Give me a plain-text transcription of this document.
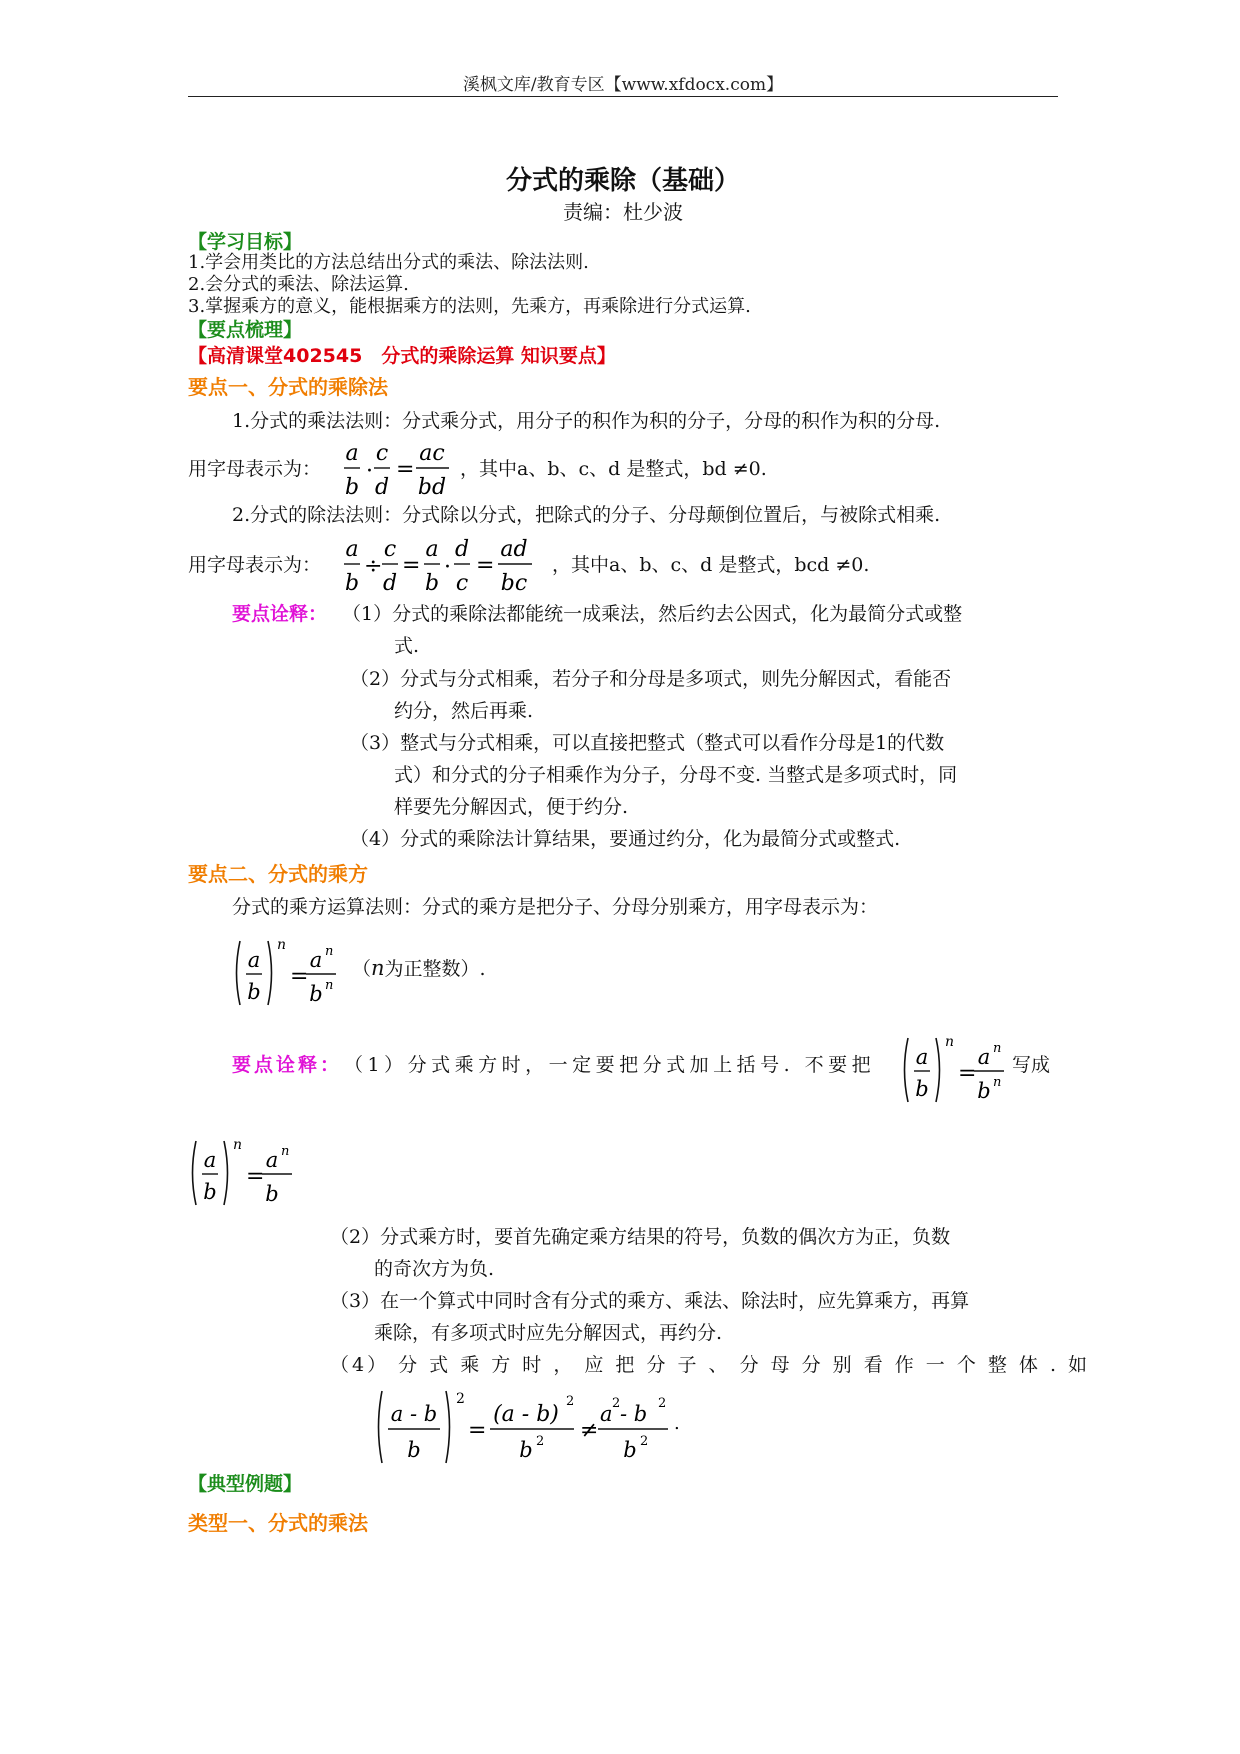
溪枫文库/教育专区【www.xfdocx.com】
分式的乘除（基础）
责编：杜少波
【学习目标】
1.学会用类比的方法总结出分式的乘法、除法法则.
2.会分式的乘法、除法运算.
3.掌握乘方的意义，能根据乘方的法则，先乘方，再乘除进行分式运算.
【要点梳理】
【高清课堂402545　分式的乘除运算 知识要点】
要点一、分式的乘除法
1.分式的乘法法则：分式乘分式，用分子的积作为积的分子，分母的积作为积的分母.
用字母表示为：
a
b
·
c
d
=
ac
bd
，其中a、b、c、d 是整式，bd ≠0.
2.分式的除法法则：分式除以分式，把除式的分子、分母颠倒位置后，与被除式相乘.
用字母表示为：
a
b
÷
c
d
=
a
b
·
d
c
=
ad
bc
，其中a、b、c、d 是整式，bcd ≠0.
要点诠释： （1）分式的乘除法都能统一成乘法，然后约去公因式，化为最简分式或整
式.
（2）分式与分式相乘，若分子和分母是多项式，则先分解因式，看能否
约分，然后再乘.
（3）整式与分式相乘，可以直接把整式（整式可以看作分母是1的代数
式）和分式的分子相乘作为分子，分母不变. 当整式是多项式时，同
样要先分解因式，便于约分.
（4）分式的乘除法计算结果，要通过约分，化为最简分式或整式.
要点二、分式的乘方
分式的乘方运算法则：分式的乘方是把分子、分母分别乘方，用字母表示为：
a
b
n
=
a n
b n
（n为正整数）.
要点诠释： （1）分式乘方时，一定要把分式加上括号. 不要把 a
b
n
=
a n
b n
写成
a
b
n
=
a n
b
（2）分式乘方时，要首先确定乘方结果的符号，负数的偶次方为正，负数
的奇次方为负.
（3）在一个算式中同时含有分式的乘方、乘法、除法时，应先算乘方，再算
乘除，有多项式时应先分解因式，再约分.
（4） 分 式 乘 方 时 ， 应 把 分 子 、 分 母 分 别 看 作 一 个 整 体 . 如
a - b
b
2
=
(a - b)
2
b 2 ≠
a 2 - b 2
b 2
.
【典型例题】
类型一、分式的乘法
